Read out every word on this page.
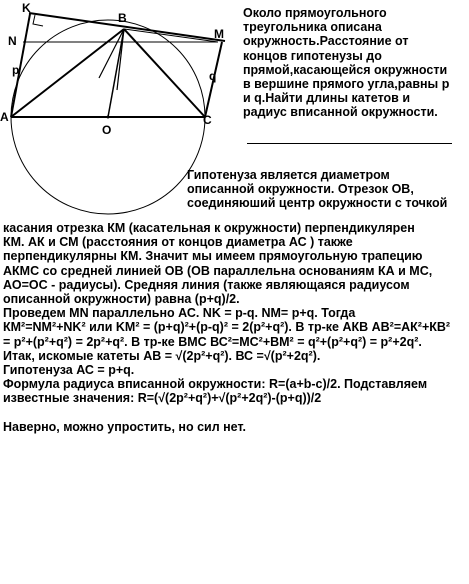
K
N
B
M
p	q
A
O
C
Около прямоугольного
треугольника описана
окружность.Расстояние от
концов гипотенузы до
прямой,касающейся окружности
в вершине прямого угла,равны р
и q.Найти длины катетов и
радиус вписанной окружности.
Гипотенуза является диаметром
описанной окружности. Отрезок ОВ,
соединяюший центр окружности с точкой
касания отрезка КМ (касательная к окружности) перпендикулярен
КМ. АК и СМ (расстояния от концов диаметра АС ) также
перпендикулярны КМ. Значит мы имеем прямоугольную трапецию
АКМС со средней линией ОВ (ОВ параллельна основаниям КА и МС,
АО=ОС - радиусы). Средняя линия (также являющаяся радиусом
описанной окружности) равна (р+q)/2.
Проведем MN параллельно АС. NK = p-q. NM= p+q. Тогда
КМ²=NM²+NK² или KM² = (p+q)²+(p-q)² = 2(p²+q²). В тр-ке АКВ АВ²=АК²+КВ²
= p²+(p²+q²) = 2p²+q². В тр-ке ВМС ВС²=МС²+ВМ² = q²+(p²+q²) = p²+2q².
Итак, искомые катеты АВ = √(2p²+q²). ВС =√(p²+2q²).
Гипотенуза АС = р+q.
Формула радиуса вписанной окружности: R=(a+b-c)/2. Подставляем
известные значения: R=(√(2p²+q²)+√(p²+2q²)-(p+q))/2

Наверно, можно упростить, но сил нет.
